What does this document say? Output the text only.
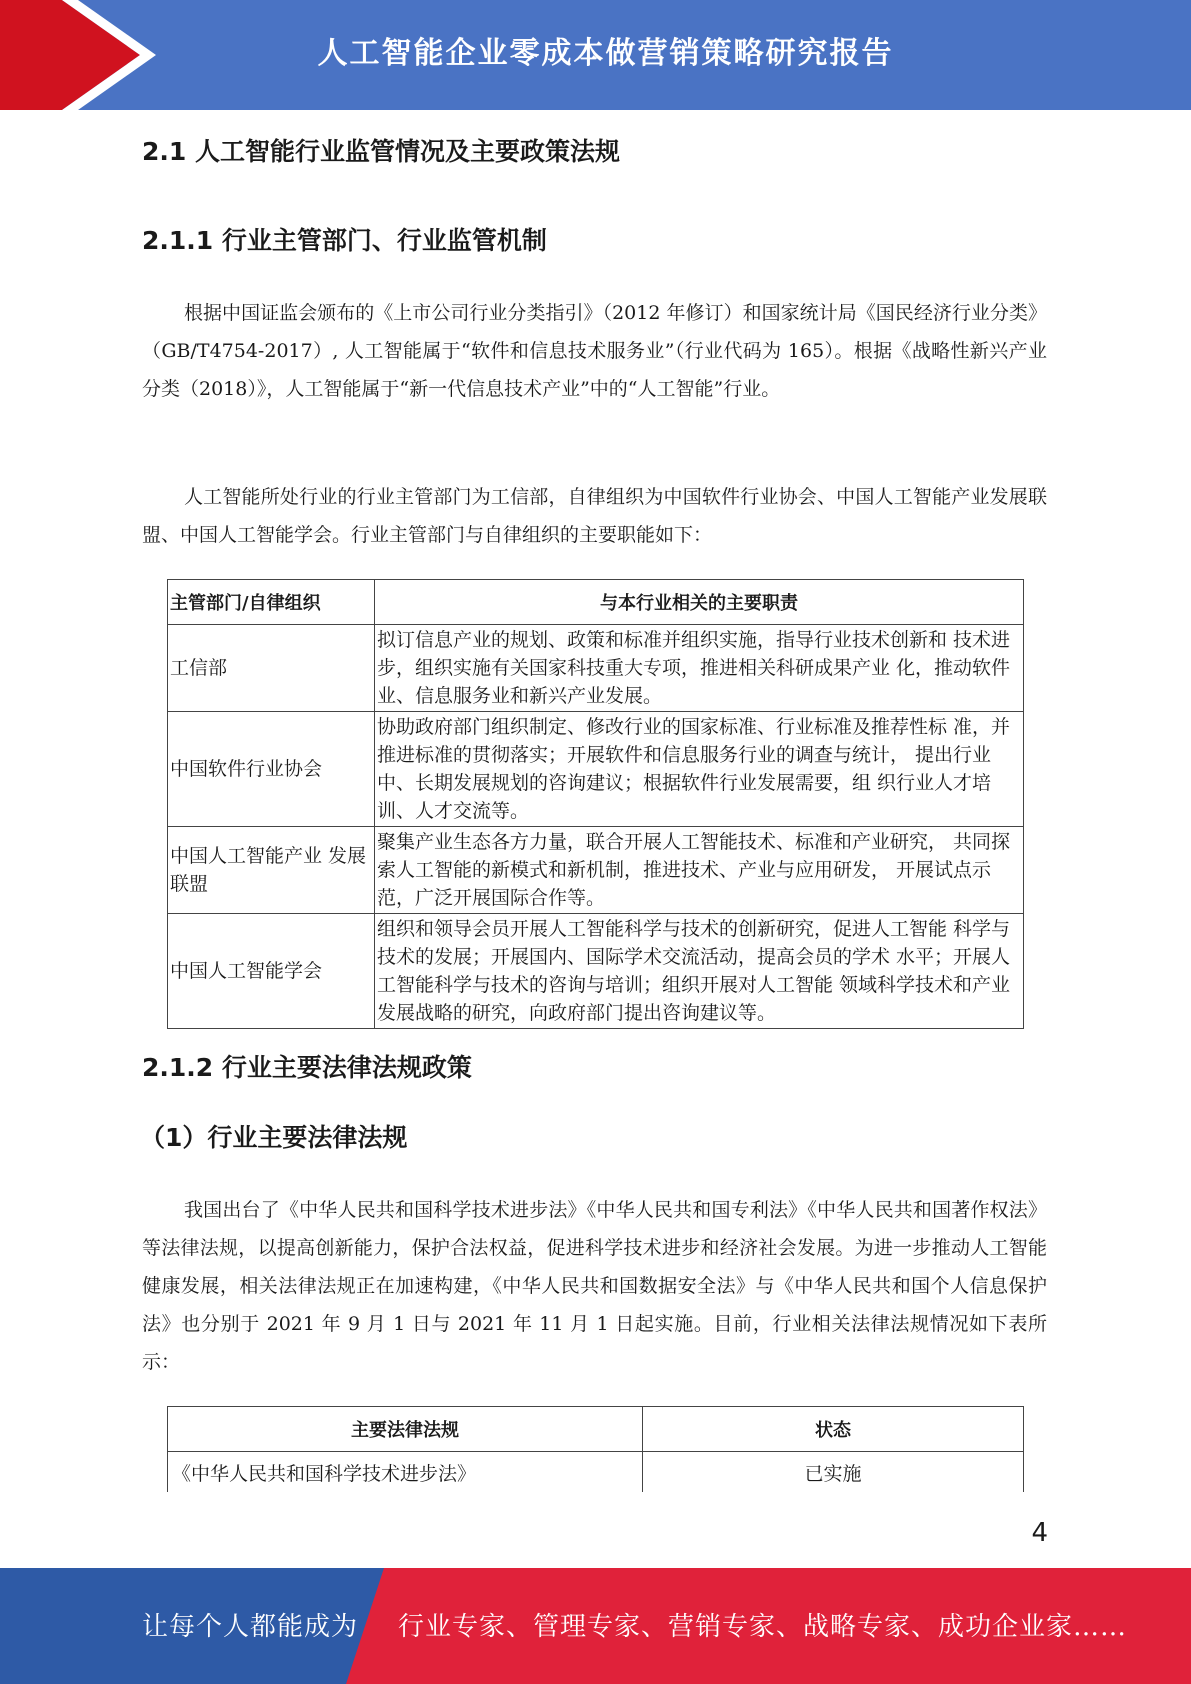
人工智能企业零成本做营销策略研究报告
2.1 人工智能行业监管情况及主要政策法规
2.1.1 行业主管部门、行业监管机制

根据中国证监会颁布的《上市公司行业分类指引》（2012 年修订）和国家统计局《国民经济行业分类》（GB/T4754-2017）, 人工智能属于“软件和信息技术服务业”（行业代码为 165）。根据《战略性新兴产业分类（2018）》，人工智能属于“新一代信息技术产业”中的“人工智能”行业。

人工智能所处行业的行业主管部门为工信部，自律组织为中国软件行业协会、中国人工智能产业发展联盟、中国人工智能学会。行业主管部门与自律组织的主要职能如下：

主管部门/自律组织	与本行业相关的主要职责
工信部	拟订信息产业的规划、政策和标准并组织实施，指导行业技术创新和 技术进步，组织实施有关国家科技重大专项，推进相关科研成果产业 化，推动软件业、信息服务业和新兴产业发展。
中国软件行业协会	协助政府部门组织制定、修改行业的国家标准、行业标准及推荐性标 准，并推进标准的贯彻落实；开展软件和信息服务行业的调查与统计， 提出行业中、长期发展规划的咨询建议；根据软件行业发展需要，组 织行业人才培训、人才交流等。
中国人工智能产业 发展联盟	聚集产业生态各方力量，联合开展人工智能技术、标准和产业研究， 共同探索人工智能的新模式和新机制，推进技术、产业与应用研发， 开展试点示范，广泛开展国际合作等。
中国人工智能学会	组织和领导会员开展人工智能科学与技术的创新研究，促进人工智能 科学与技术的发展；开展国内、国际学术交流活动，提高会员的学术 水平；开展人工智能科学与技术的咨询与培训；组织开展对人工智能 领域科学技术和产业发展战略的研究，向政府部门提出咨询建议等。
2.1.2 行业主要法律法规政策
（1）行业主要法律法规

我国出台了《中华人民共和国科学技术进步法》《中华人民共和国专利法》《中华人民共和国著作权法》等法律法规，以提高创新能力，保护合法权益，促进科学技术进步和经济社会发展。为进一步推动人工智能健康发展，相关法律法规正在加速构建，《中华人民共和国数据安全法》与《中华人民共和国个人信息保护法》也分别于 2021 年 9 月 1 日与 2021 年 11 月 1 日起实施。目前，行业相关法律法规情况如下表所示：

主要法律法规	状态
《中华人民共和国科学技术进步法》	已实施
4
让每个人都能成为 行业专家、管理专家、营销专家、战略专家、成功企业家……
